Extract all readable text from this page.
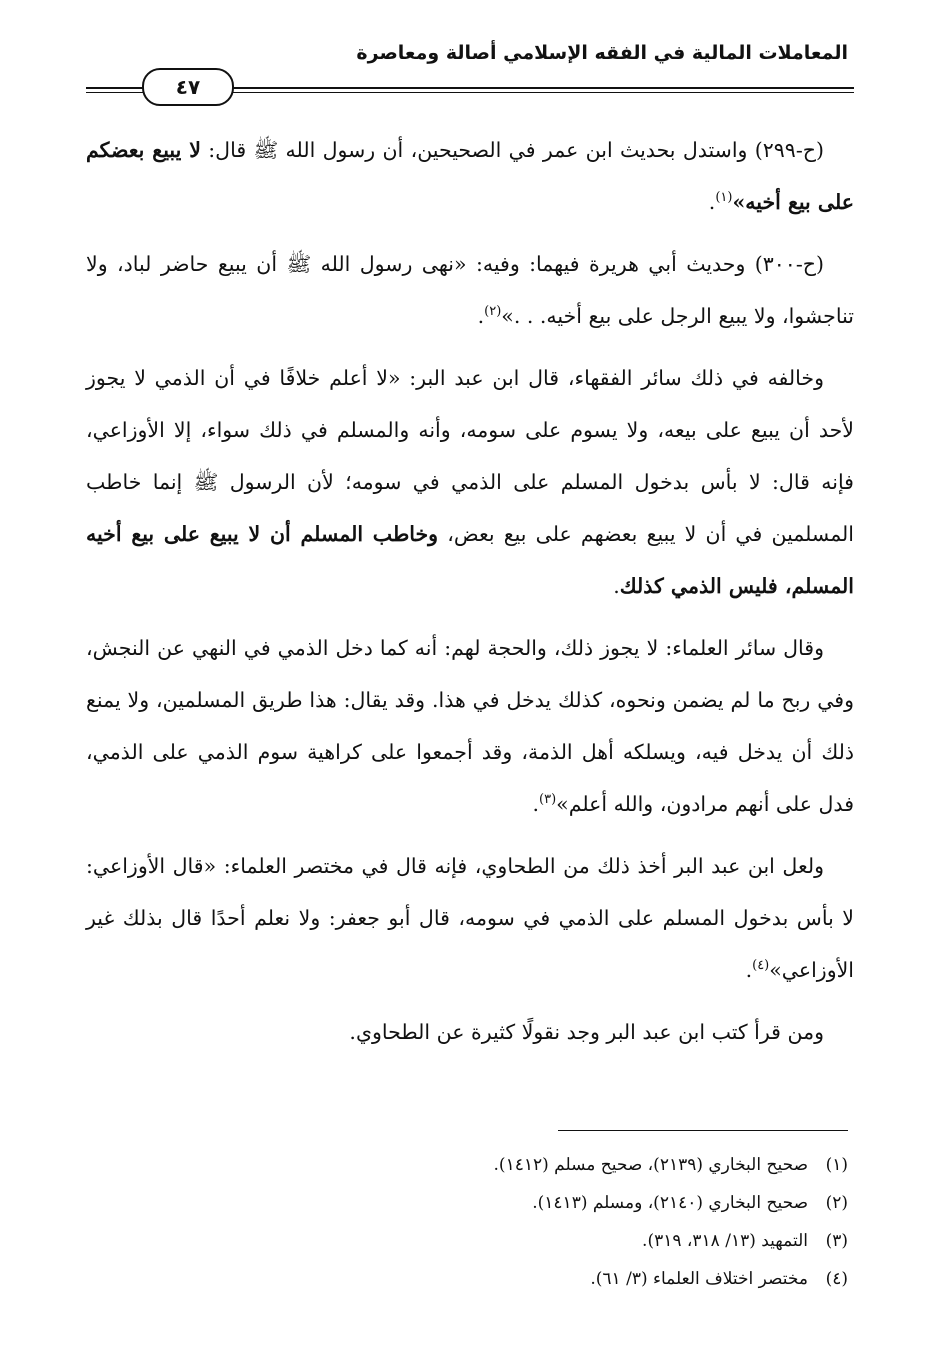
المعاملات المالية في الفقه الإسلامي أصالة ومعاصرة
٤٧

(ح-٢٩٩) واستدل بحديث ابن عمر في الصحيحين، أن رسول الله ﷺ قال: لا يبيع بعضكم على بيع أخيه»$^{(١)}$.

(ح-٣٠٠) وحديث أبي هريرة فيهما: وفيه: «نهى رسول الله ﷺ أن يبيع حاضر لباد، ولا تناجشوا، ولا يبيع الرجل على بيع أخيه. . .»$^{(٢)}$.

وخالفه في ذلك سائر الفقهاء، قال ابن عبد البر: «لا أعلم خلافًا في أن الذمي لا يجوز لأحد أن يبيع على بيعه، ولا يسوم على سومه، وأنه والمسلم في ذلك سواء، إلا الأوزاعي، فإنه قال: لا بأس بدخول المسلم على الذمي في سومه؛ لأن الرسول ﷺ إنما خاطب المسلمين في أن لا يبيع بعضهم على بيع بعض، وخاطب المسلم أن لا يبيع على بيع أخيه المسلم، فليس الذمي كذلك.

وقال سائر العلماء: لا يجوز ذلك، والحجة لهم: أنه كما دخل الذمي في النهي عن النجش، وفي ربح ما لم يضمن ونحوه، كذلك يدخل في هذا. وقد يقال: هذا طريق المسلمين، ولا يمنع ذلك أن يدخل فيه، ويسلكه أهل الذمة، وقد أجمعوا على كراهية سوم الذمي على الذمي، فدل على أنهم مرادون، والله أعلم»$^{(٣)}$.

ولعل ابن عبد البر أخذ ذلك من الطحاوي، فإنه قال في مختصر العلماء: «قال الأوزاعي: لا بأس بدخول المسلم على الذمي في سومه، قال أبو جعفر: ولا نعلم أحدًا قال بذلك غير الأوزاعي»$^{(٤)}$.

ومن قرأ كتب ابن عبد البر وجد نقولًا كثيرة عن الطحاوي.

(١)
صحيح البخاري (٢١٣٩)، صحيح مسلم (١٤١٢).
(٢)
صحيح البخاري (٢١٤٠)، ومسلم (١٤١٣).
(٣)
التمهيد (١٣/ ٣١٨، ٣١٩).
(٤)
مختصر اختلاف العلماء (٣/ ٦١).
